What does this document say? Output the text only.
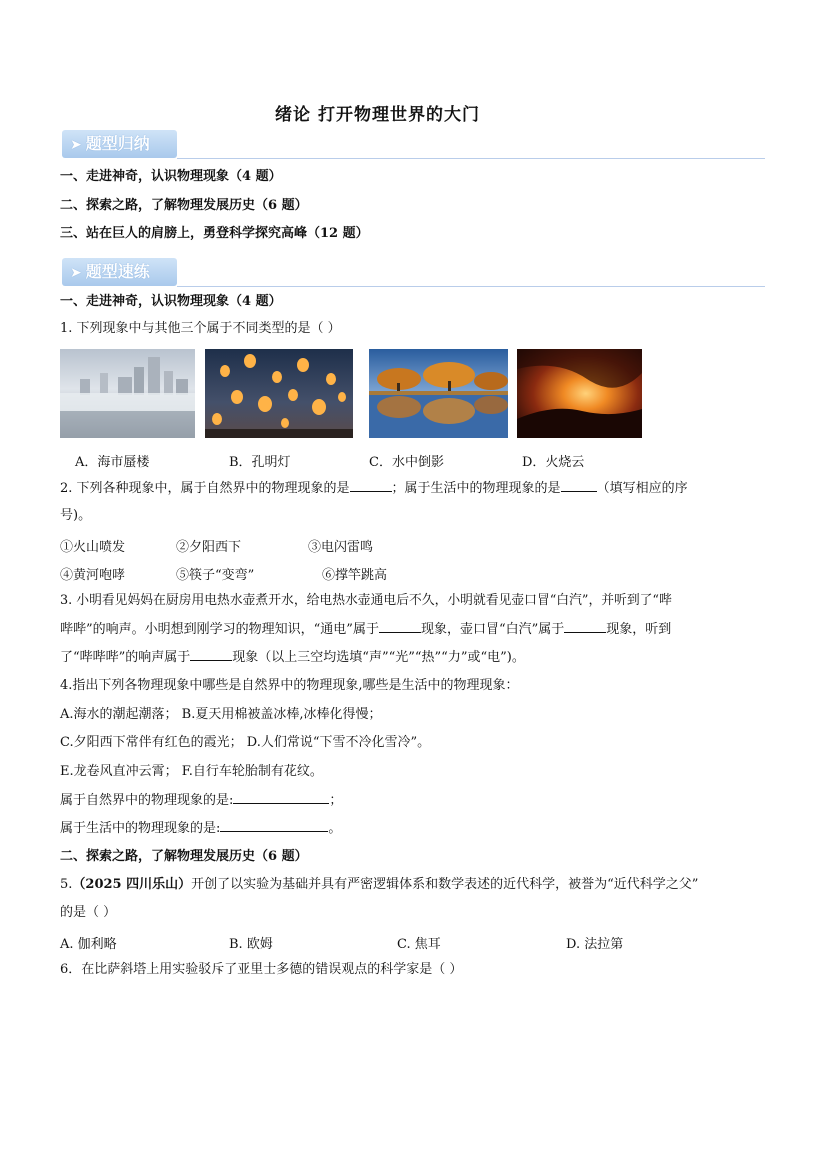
绪论 打开物理世界的大门
➤ 题型归纳
一、走进神奇，认识物理现象（4 题）
二、探索之路，了解物理发展历史（6 题）
三、站在巨人的肩膀上，勇登科学探究高峰（12 题）
➤ 题型速练
一、走进神奇，认识物理现象（4 题）
1. 下列现象中与其他三个属于不同类型的是（ ）
A．海市蜃楼	B．孔明灯	C．水中倒影	D．火烧云
2. 下列各种现象中，属于自然界中的物理现象的是	；属于生活中的物理现象的是	（填写相应的序
号)。
①火山喷发	②夕阳西下	③电闪雷鸣
④黄河咆哮	⑤筷子“变弯”	⑥撑竿跳高
3. 小明看见妈妈在厨房用电热水壶煮开水，给电热水壶通电后不久，小明就看见壶口冒“白汽”，并听到了“哔
哔哔”的响声。小明想到刚学习的物理知识，“通电”属于	现象，壶口冒“白汽”属于	现象，听到
了“哔哔哔”的响声属于	现象（以上三空均选填“声”“光”“热”“力”或“电”)。
4.指出下列各物理现象中哪些是自然界中的物理现象,哪些是生活中的物理现象：
A.海水的潮起潮落； B.夏天用棉被盖冰棒,冰棒化得慢；
C.夕阳西下常伴有红色的霞光； D.人们常说“下雪不冷化雪冷”。
E.龙卷风直冲云霄； F.自行车轮胎制有花纹。
属于自然界中的物理现象的是:	；
属于生活中的物理现象的是:	。
二、探索之路，了解物理发展历史（6 题）
5.（2025 四川乐山）开创了以实验为基础并具有严密逻辑体系和数学表述的近代科学，被誉为“近代科学之父”
的是（ ）
A. 伽利略	B. 欧姆	C. 焦耳	D. 法拉第
6．在比萨斜塔上用实验驳斥了亚里士多德的错误观点的科学家是（ ）
